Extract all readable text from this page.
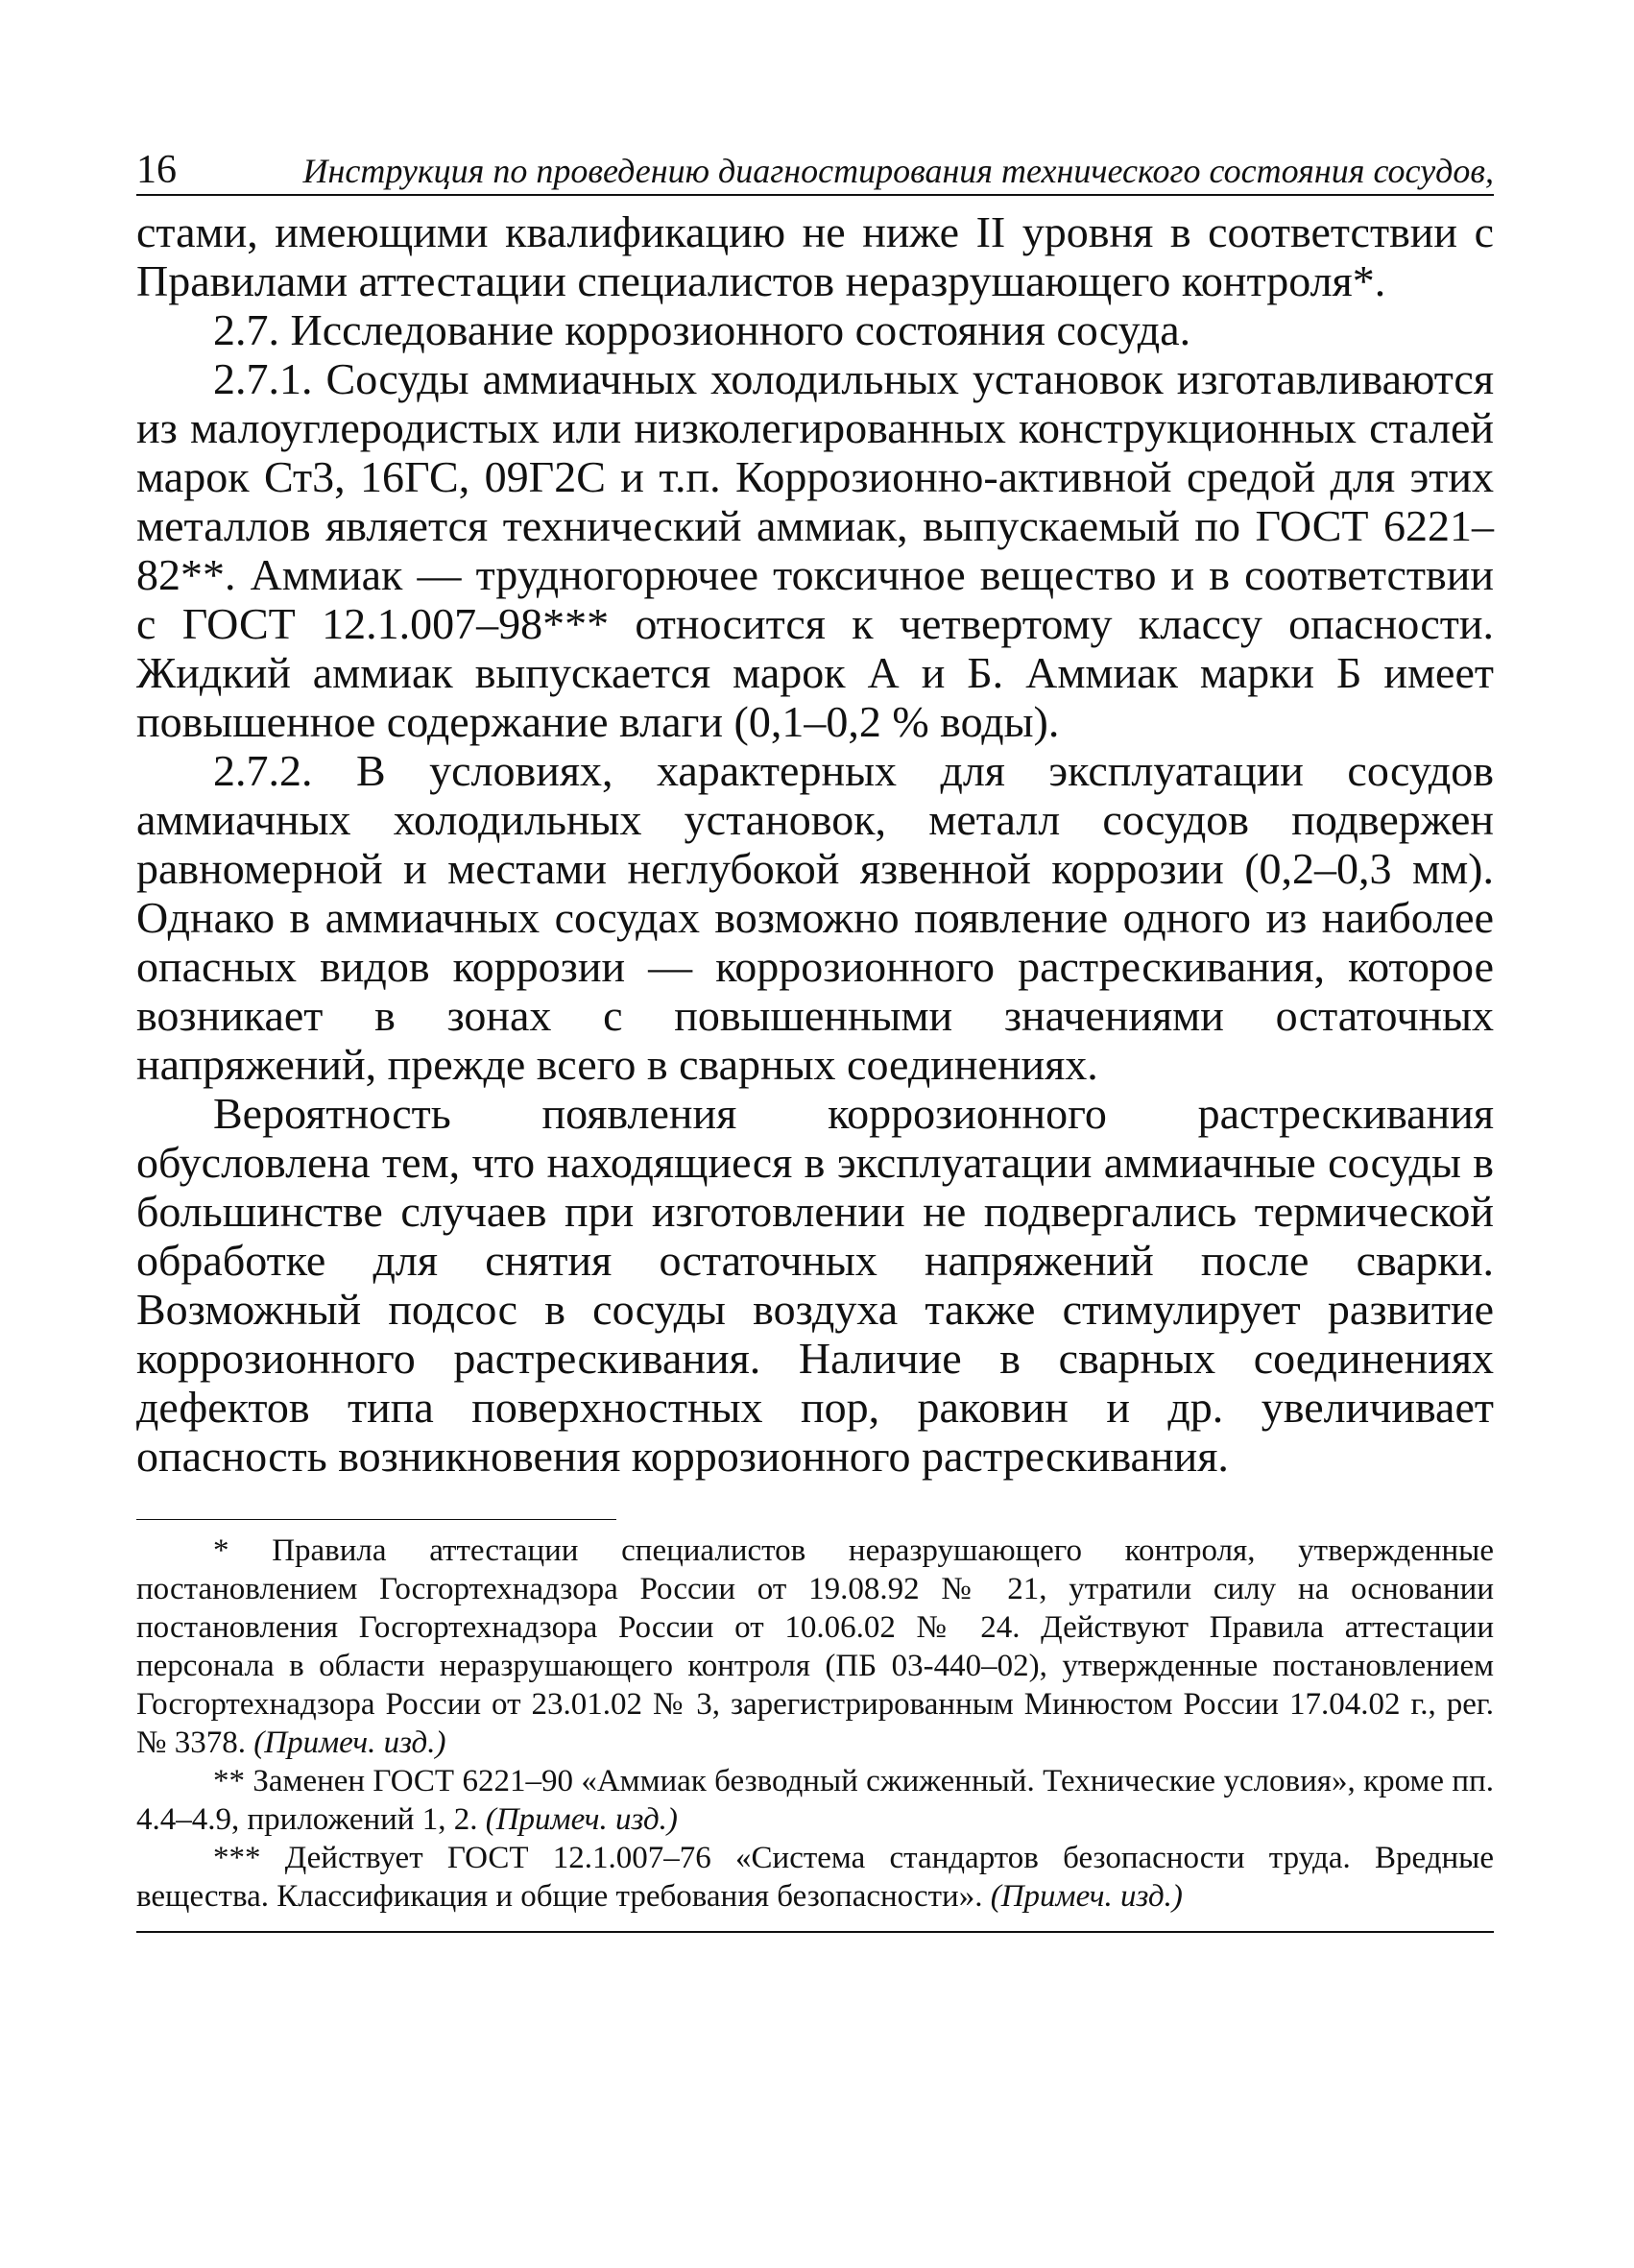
16	Инструкция по проведению диагностирования технического состояния сосудов,

стами, имеющими квалификацию не ниже II уровня в соответствии с Правилами аттестации специалистов неразрушающего контроля*.

2.7. Исследование коррозионного состояния сосуда.

2.7.1. Сосуды аммиачных холодильных установок изготавливаются из малоуглеродистых или низколегированных конструкционных сталей марок Ст3, 16ГС, 09Г2С и т.п. Коррозионно-активной средой для этих металлов является технический аммиак, выпускаемый по ГОСТ 6221–82**. Аммиак — трудногорючее токсичное вещество и в соответствии с ГОСТ 12.1.007–98*** относится к четвертому классу опасности. Жидкий аммиак выпускается марок А и Б. Аммиак марки Б имеет повышенное содержание влаги (0,1–0,2 % воды).

2.7.2. В условиях, характерных для эксплуатации сосудов аммиачных холодильных установок, металл сосудов подвержен равномерной и местами неглубокой язвенной коррозии (0,2–0,3 мм). Однако в аммиачных сосудах возможно появление одного из наиболее опасных видов коррозии — коррозионного растрескивания, которое возникает в зонах с повышенными значениями остаточных напряжений, прежде всего в сварных соединениях.

Вероятность появления коррозионного растрескивания обусловлена тем, что находящиеся в эксплуатации аммиачные сосуды в большинстве случаев при изготовлении не подвергались термической обработке для снятия остаточных напряжений после сварки. Возможный подсос в сосуды воздуха также стимулирует развитие коррозионного растрескивания. Наличие в сварных соединениях дефектов типа поверхностных пор, раковин и др. увеличивает опасность возникновения коррозионного растрескивания.

* Правила аттестации специалистов неразрушающего контроля, утвержденные постановлением Госгортехнадзора России от 19.08.92 № 21, утратили силу на основании постановления Госгортехнадзора России от 10.06.02 № 24. Действуют Правила аттестации персонала в области неразрушающего контроля (ПБ 03-440–02), утвержденные постановлением Госгортехнадзора России от 23.01.02 № 3, зарегистрированным Минюстом России 17.04.02 г., рег. № 3378. (Примеч. изд.)

** Заменен ГОСТ 6221–90 «Аммиак безводный сжиженный. Технические условия», кроме пп. 4.4–4.9, приложений 1, 2. (Примеч. изд.)

*** Действует ГОСТ 12.1.007–76 «Система стандартов безопасности труда. Вредные вещества. Классификация и общие требования безопасности». (Примеч. изд.)
